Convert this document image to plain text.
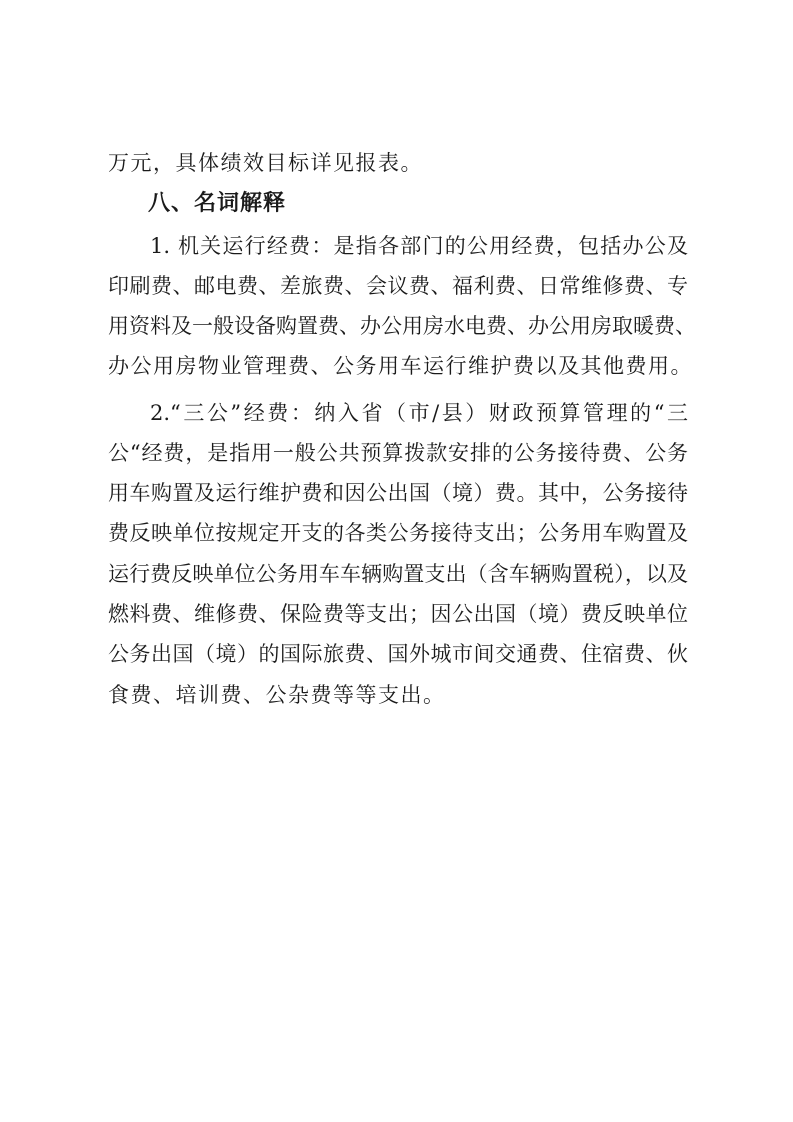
万元，具体绩效目标详见报表。
八、名词解释
1. 机关运行经费：是指各部门的公用经费，包括办公及
印刷费、邮电费、差旅费、会议费、福利费、日常维修费、专
用资料及一般设备购置费、办公用房水电费、办公用房取暖费、
办公用房物业管理费、公务用车运行维护费以及其他费用。
2.“三公”经费：纳入省（市/县）财政预算管理的“三
公“经费，是指用一般公共预算拨款安排的公务接待费、公务
用车购置及运行维护费和因公出国（境）费。其中，公务接待
费反映单位按规定开支的各类公务接待支出；公务用车购置及
运行费反映单位公务用车车辆购置支出（含车辆购置税），以及
燃料费、维修费、保险费等支出；因公出国（境）费反映单位
公务出国（境）的国际旅费、国外城市间交通费、住宿费、伙
食费、培训费、公杂费等等支出。
